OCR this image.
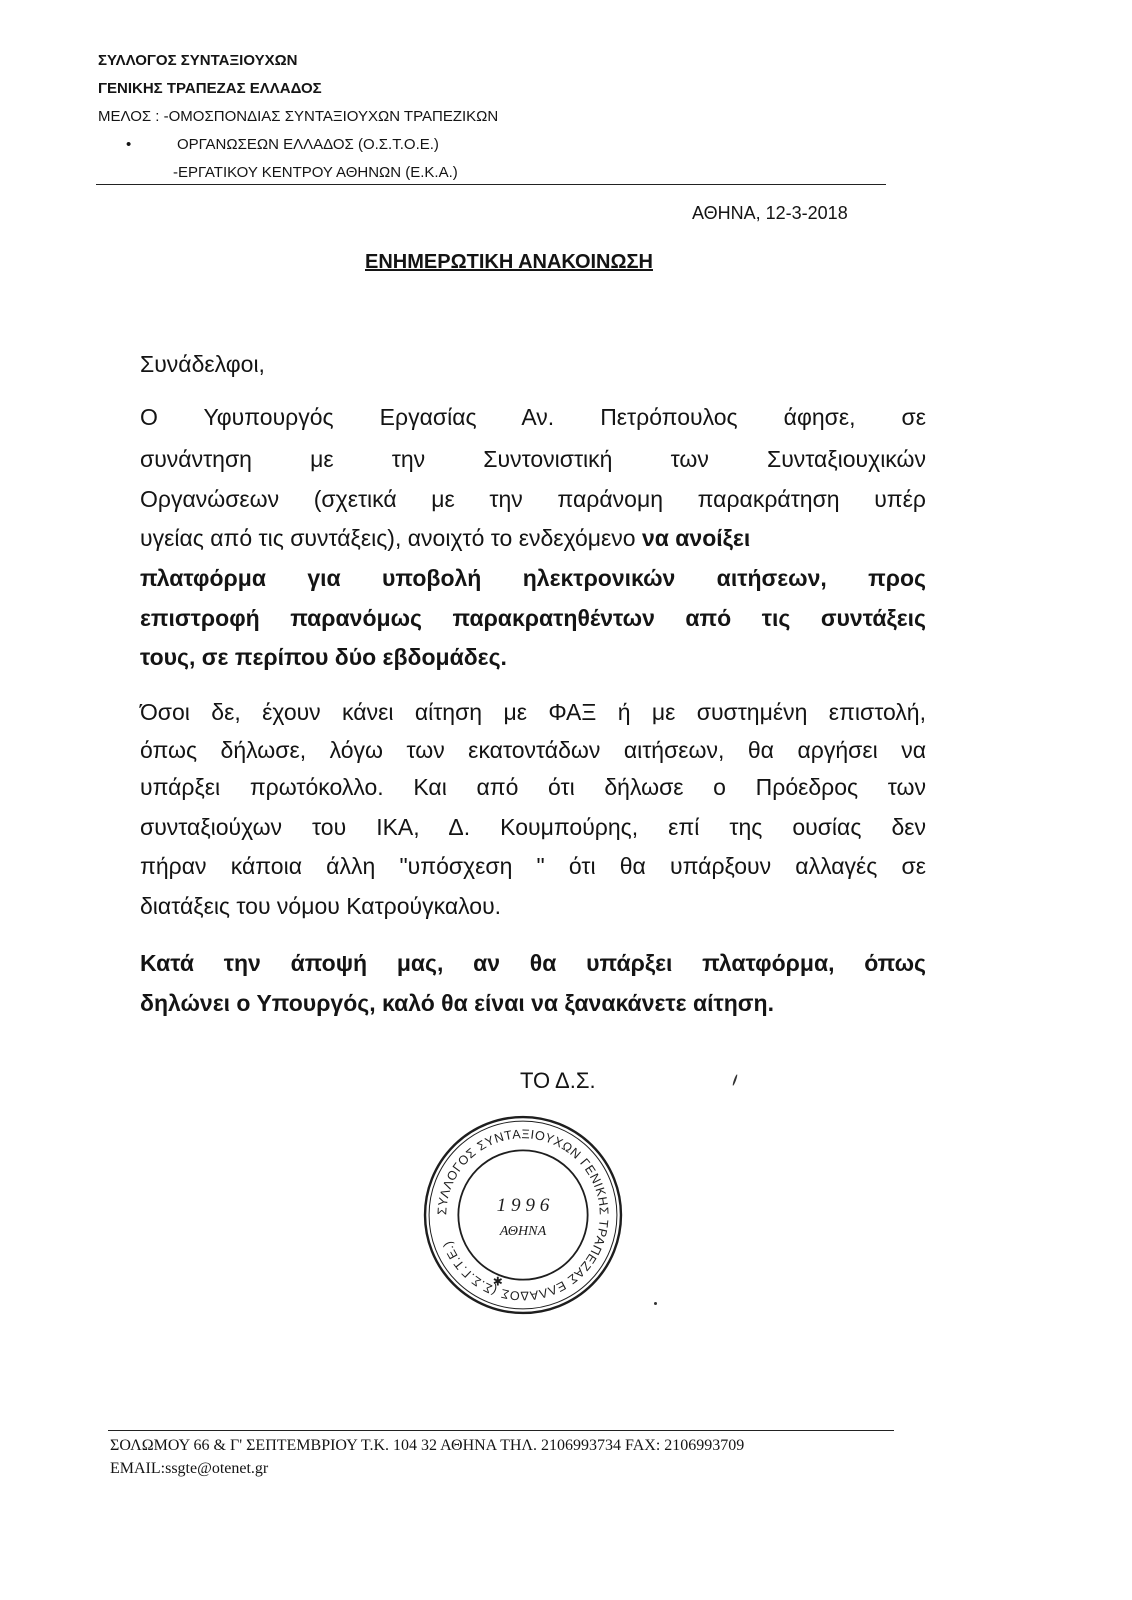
ΣΥΛΛΟΓΟΣ ΣΥΝΤΑΞΙΟΥΧΩΝ
ΓΕΝΙΚΗΣ ΤΡΑΠΕΖΑΣ ΕΛΛΑΔΟΣ
ΜΕΛΟΣ : -ΟΜΟΣΠΟΝΔΙΑΣ ΣΥΝΤΑΞΙΟΥΧΩΝ ΤΡΑΠΕΖΙΚΩΝ
•	ΟΡΓΑΝΩΣΕΩΝ ΕΛΛΑΔΟΣ (Ο.Σ.Τ.Ο.Ε.)
-ΕΡΓΑΤΙΚΟΥ ΚΕΝΤΡΟΥ ΑΘΗΝΩΝ (Ε.Κ.Α.)
ΑΘΗΝΑ, 12-3-2018
ΕΝΗΜΕΡΩΤΙΚΗ ΑΝΑΚΟΙΝΩΣΗ
Συνάδελφοι,
Ο Υφυπουργός Εργασίας Αν. Πετρόπουλος άφησε, σε
συνάντηση με την Συντονιστική των Συνταξιουχικών
Οργανώσεων (σχετικά με την παράνομη παρακράτηση υπέρ
υγείας από τις συντάξεις), ανοιχτό το ενδεχόμενο να ανοίξει
πλατφόρμα για υποβολή ηλεκτρονικών αιτήσεων, προς
επιστροφή παρανόμως παρακρατηθέντων από τις συντάξεις
τους, σε περίπου δύο εβδομάδες.
Όσοι δε, έχουν κάνει αίτηση με ΦΑΞ ή με συστημένη επιστολή,
όπως δήλωσε, λόγω των εκατοντάδων αιτήσεων, θα αργήσει να
υπάρξει πρωτόκολλο. Και από ότι δήλωσε ο Πρόεδρος των
συνταξιούχων του ΙΚΑ, Δ. Κουμπούρης, επί της ουσίας δεν
πήραν κάποια άλλη ʺυπόσχεση ʺ ότι θα υπάρξουν αλλαγές σε
διατάξεις του νόμου Κατρούγκαλου.
Κατά την άποψή μας, αν θα υπάρξει πλατφόρμα, όπως
δηλώνει ο Υπουργός, καλό θα είναι να ξανακάνετε αίτηση.
ΤΟ Δ.Σ.
ΣΥΛΛΟΓΟΣ ΣΥΝΤΑΞΙΟΥΧΩΝ ΓΕΝΙΚΗΣ ΤΡΑΠΕΖΑΣ ΕΛΛΑΔΟΣ (Σ.Σ.Γ.Τ.Ε.)
1 9 9 6
ΑΘΗΝΑ
✱
ΣΟΛΩΜΟΥ 66 & Γ' ΣΕΠΤΕΜΒΡΙΟΥ Τ.Κ. 104 32 ΑΘΗΝΑ ΤΗΛ. 2106993734 FAX: 2106993709
EMAIL:ssgte@otenet.gr
